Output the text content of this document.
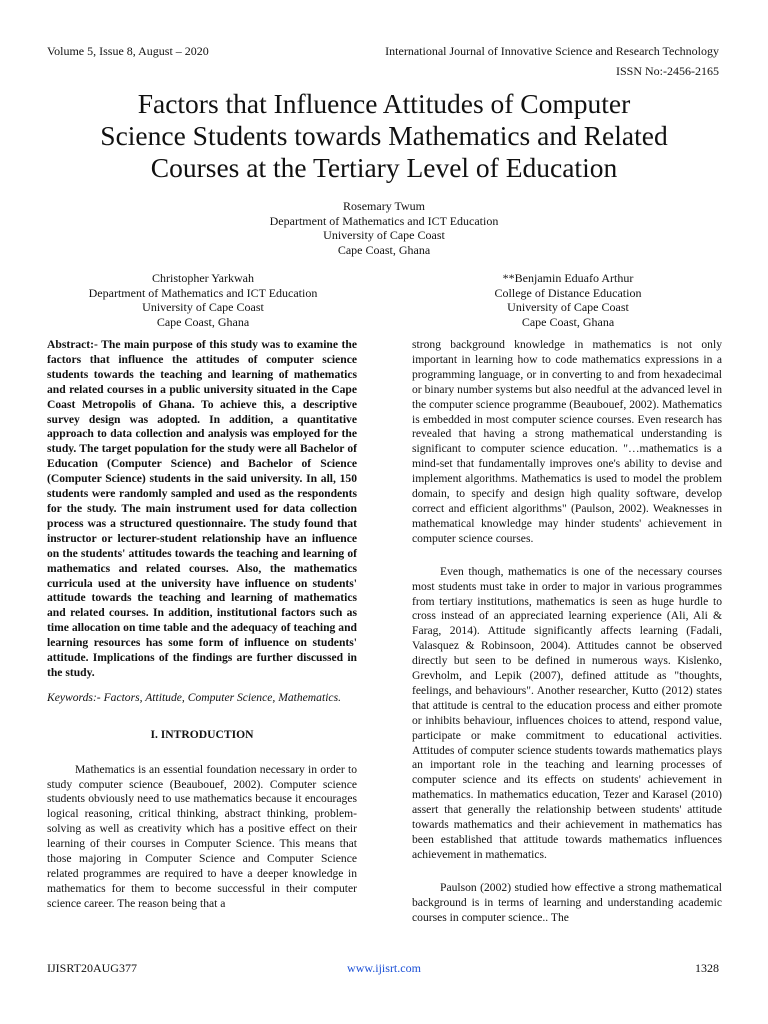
Volume 5, Issue 8, August – 2020	International Journal of Innovative Science and Research Technology
ISSN No:-2456-2165
Factors that Influence Attitudes of Computer
Science Students towards Mathematics and Related
Courses at the Tertiary Level of Education
Rosemary Twum
Department of Mathematics and ICT Education
University of Cape Coast
Cape Coast, Ghana
Christopher Yarkwah
Department of Mathematics and ICT Education
University of Cape Coast
Cape Coast, Ghana
**Benjamin Eduafo Arthur
College of Distance Education
University of Cape Coast
Cape Coast, Ghana

Abstract:- The main purpose of this study was to examine the factors that influence the attitudes of computer science students towards the teaching and learning of mathematics and related courses in a public university situated in the Cape Coast Metropolis of Ghana. To achieve this, a descriptive survey design was adopted. In addition, a quantitative approach to data collection and analysis was employed for the study. The target population for the study were all Bachelor of Education (Computer Science) and Bachelor of Science (Computer Science) students in the said university. In all, 150 students were randomly sampled and used as the respondents for the study. The main instrument used for data collection process was a structured questionnaire. The study found that instructor or lecturer-student relationship have an influence on the students' attitudes towards the teaching and learning of mathematics and related courses. Also, the mathematics curricula used at the university have influence on students' attitude towards the teaching and learning of mathematics and related courses. In addition, institutional factors such as time allocation on time table and the adequacy of teaching and learning resources has some form of influence on students' attitude. Implications of the findings are further discussed in the study.

Keywords:- Factors, Attitude, Computer Science, Mathematics.

I. INTRODUCTION

Mathematics is an essential foundation necessary in order to study computer science (Beaubouef, 2002). Computer science students obviously need to use mathematics because it encourages logical reasoning, critical thinking, abstract thinking, problem-solving as well as creativity which has a positive effect on their learning of their courses in Computer Science. This means that those majoring in Computer Science and Computer Science related programmes are required to have a deeper knowledge in mathematics for them to become successful in their computer science career. The reason being that a

strong background knowledge in mathematics is not only important in learning how to code mathematics expressions in a programming language, or in converting to and from hexadecimal or binary number systems but also needful at the advanced level in the computer science programme (Beaubouef, 2002). Mathematics is embedded in most computer science courses. Even research has revealed that having a strong mathematical understanding is significant to computer science education. "…mathematics is a mind-set that fundamentally improves one's ability to devise and implement algorithms. Mathematics is used to model the problem domain, to specify and design high quality software, develop correct and efficient algorithms" (Paulson, 2002). Weaknesses in mathematical knowledge may hinder students' achievement in computer science courses.

Even though, mathematics is one of the necessary courses most students must take in order to major in various programmes from tertiary institutions, mathematics is seen as huge hurdle to cross instead of an appreciated learning experience (Ali, Ali & Farag, 2014). Attitude significantly affects learning (Fadali, Valasquez & Robinsoon, 2004). Attitudes cannot be observed directly but seen to be defined in numerous ways. Kislenko, Grevholm, and Lepik (2007), defined attitude as "thoughts, feelings, and behaviours". Another researcher, Kutto (2012) states that attitude is central to the education process and either promote or inhibits behaviour, influences choices to attend, respond value, participate or make commitment to educational activities. Attitudes of computer science students towards mathematics plays an important role in the teaching and learning processes of computer science and its effects on students' achievement in mathematics. In mathematics education, Tezer and Karasel (2010) assert that generally the relationship between students' attitude towards mathematics and their achievement in mathematics has been established that attitude towards mathematics influences achievement in mathematics.

Paulson (2002) studied how effective a strong mathematical background is in terms of learning and understanding academic courses in computer science.. The

IJISRT20AUG377	www.ijisrt.com	1328
